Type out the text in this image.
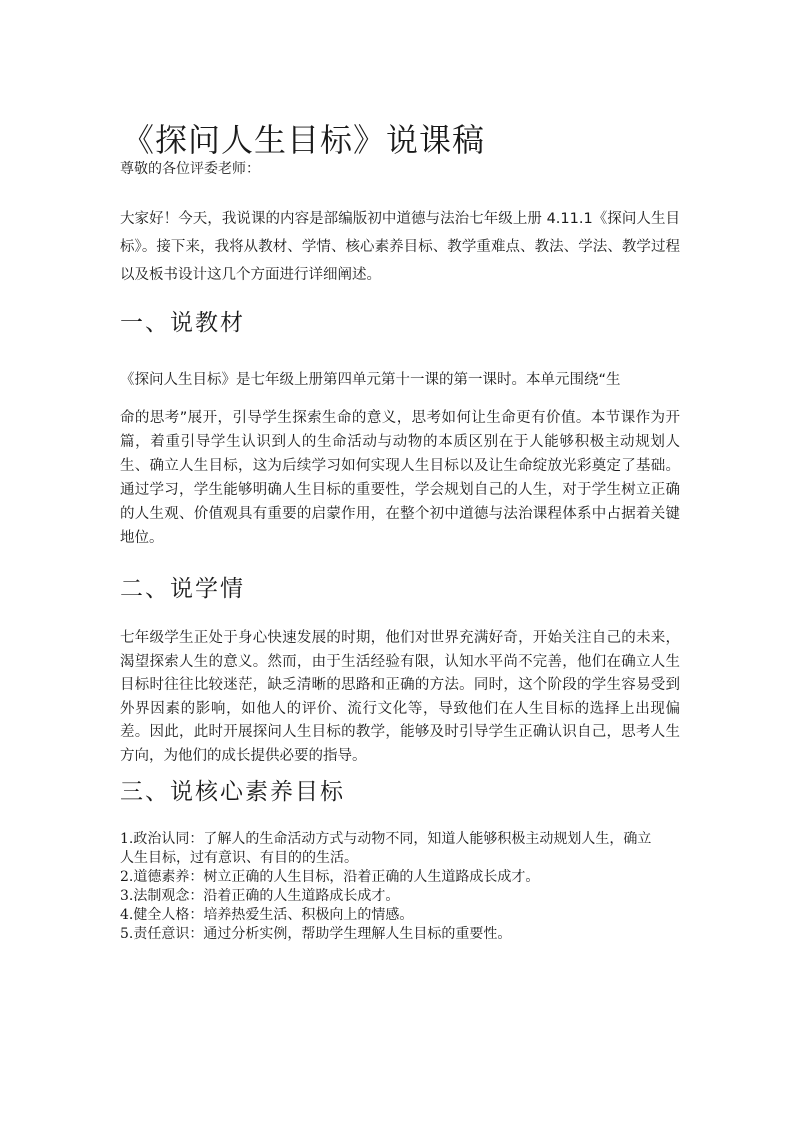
《探问人生目标》说课稿
尊敬的各位评委老师：

大家好！今天，我说课的内容是部编版初中道德与法治七年级上册 4.11.1《探问人生目标》。接下来，我将从教材、学情、核心素养目标、教学重难点、教法、学法、教学过程以及板书设计这几个方面进行详细阐述。

一、说教材

《探问人生目标》是七年级上册第四单元第十一课的第一课时。本单元围绕“生
命的思考”展开，引导学生探索生命的意义，思考如何让生命更有价值。本节课作为开篇，着重引导学生认识到人的生命活动与动物的本质区别在于人能够积极主动规划人生、确立人生目标，这为后续学习如何实现人生目标以及让生命绽放光彩奠定了基础。通过学习，学生能够明确人生目标的重要性，学会规划自己的人生，对于学生树立正确的人生观、价值观具有重要的启蒙作用，在整个初中道德与法治课程体系中占据着关键地位。

二、说学情

七年级学生正处于身心快速发展的时期，他们对世界充满好奇，开始关注自己的未来，渴望探索人生的意义。然而，由于生活经验有限，认知水平尚不完善，他们在确立人生目标时往往比较迷茫，缺乏清晰的思路和正确的方法。同时，这个阶段的学生容易受到外界因素的影响，如他人的评价、流行文化等，导致他们在人生目标的选择上出现偏差。因此，此时开展探问人生目标的教学，能够及时引导学生正确认识自己，思考人生方向，为他们的成长提供必要的指导。

三、说核心素养目标
1.政治认同：了解人的生命活动方式与动物不同，知道人能够积极主动规划人生，确立
人生目标，过有意识、有目的的生活。
2.道德素养：树立正确的人生目标，沿着正确的人生道路成长成才。
3.法制观念：沿着正确的人生道路成长成才。
4.健全人格：培养热爱生活、积极向上的情感。
5.责任意识：通过分析实例，帮助学生理解人生目标的重要性。
